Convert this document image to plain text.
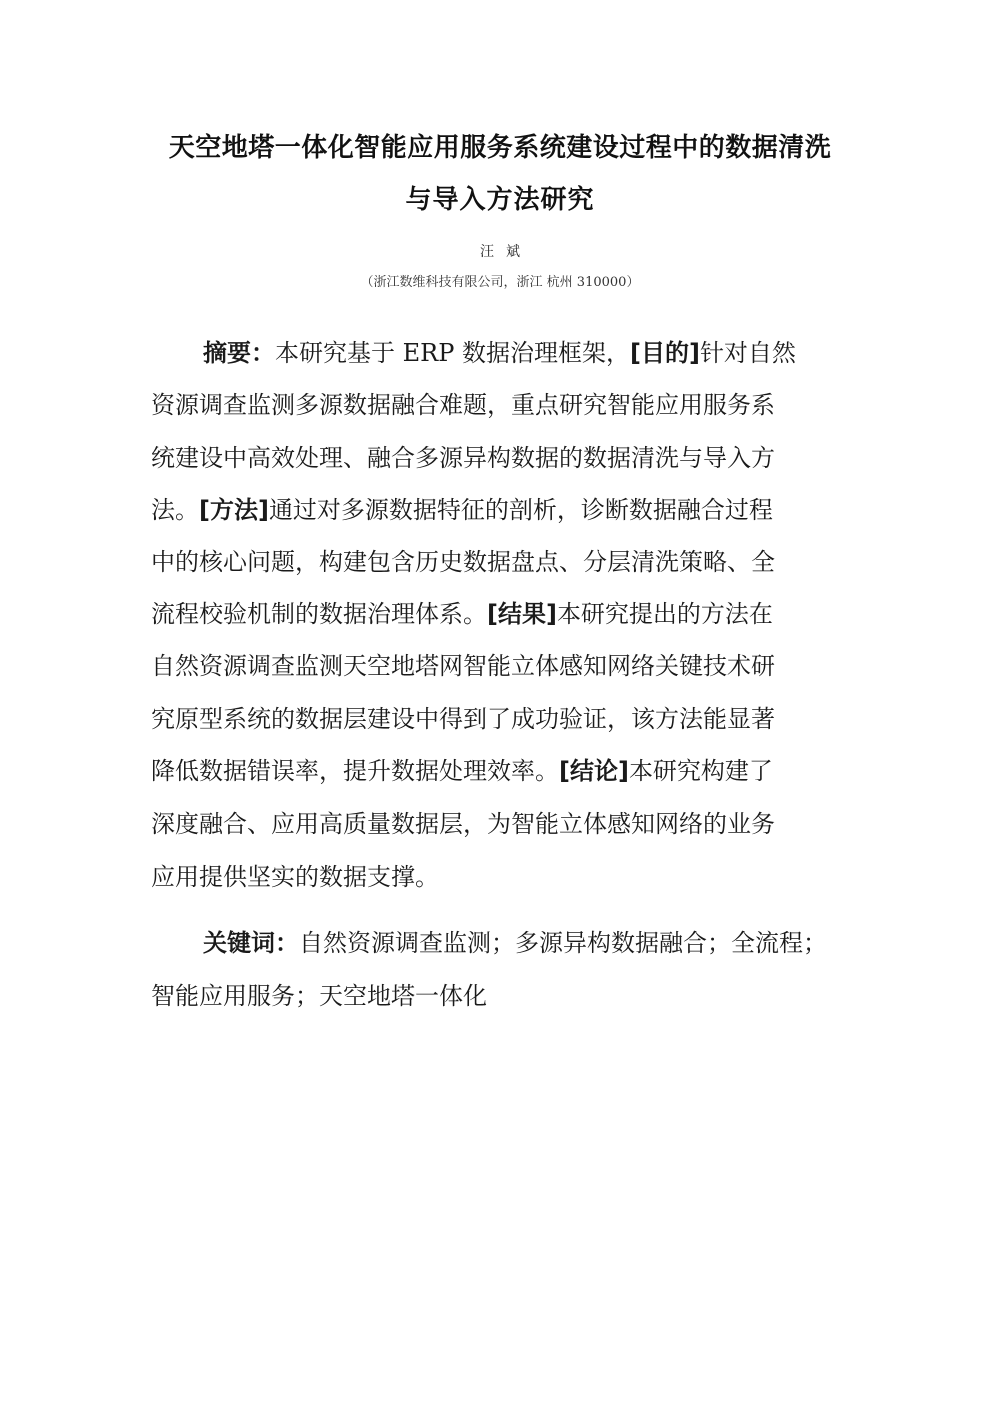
天空地塔一体化智能应用服务系统建设过程中的数据清洗
与导入方法研究
汪斌
（浙江数维科技有限公司，浙江 杭州 310000）
摘要：本研究基于 ERP 数据治理框架，[目的]针对自然
资源调查监测多源数据融合难题，重点研究智能应用服务系
统建设中高效处理、融合多源异构数据的数据清洗与导入方
法。[方法]通过对多源数据特征的剖析，诊断数据融合过程
中的核心问题，构建包含历史数据盘点、分层清洗策略、全
流程校验机制的数据治理体系。[结果]本研究提出的方法在
自然资源调查监测天空地塔网智能立体感知网络关键技术研
究原型系统的数据层建设中得到了成功验证，该方法能显著
降低数据错误率，提升数据处理效率。[结论]本研究构建了
深度融合、应用高质量数据层，为智能立体感知网络的业务
应用提供坚实的数据支撑。
关键词：自然资源调查监测；多源异构数据融合；全流程；
智能应用服务；天空地塔一体化
